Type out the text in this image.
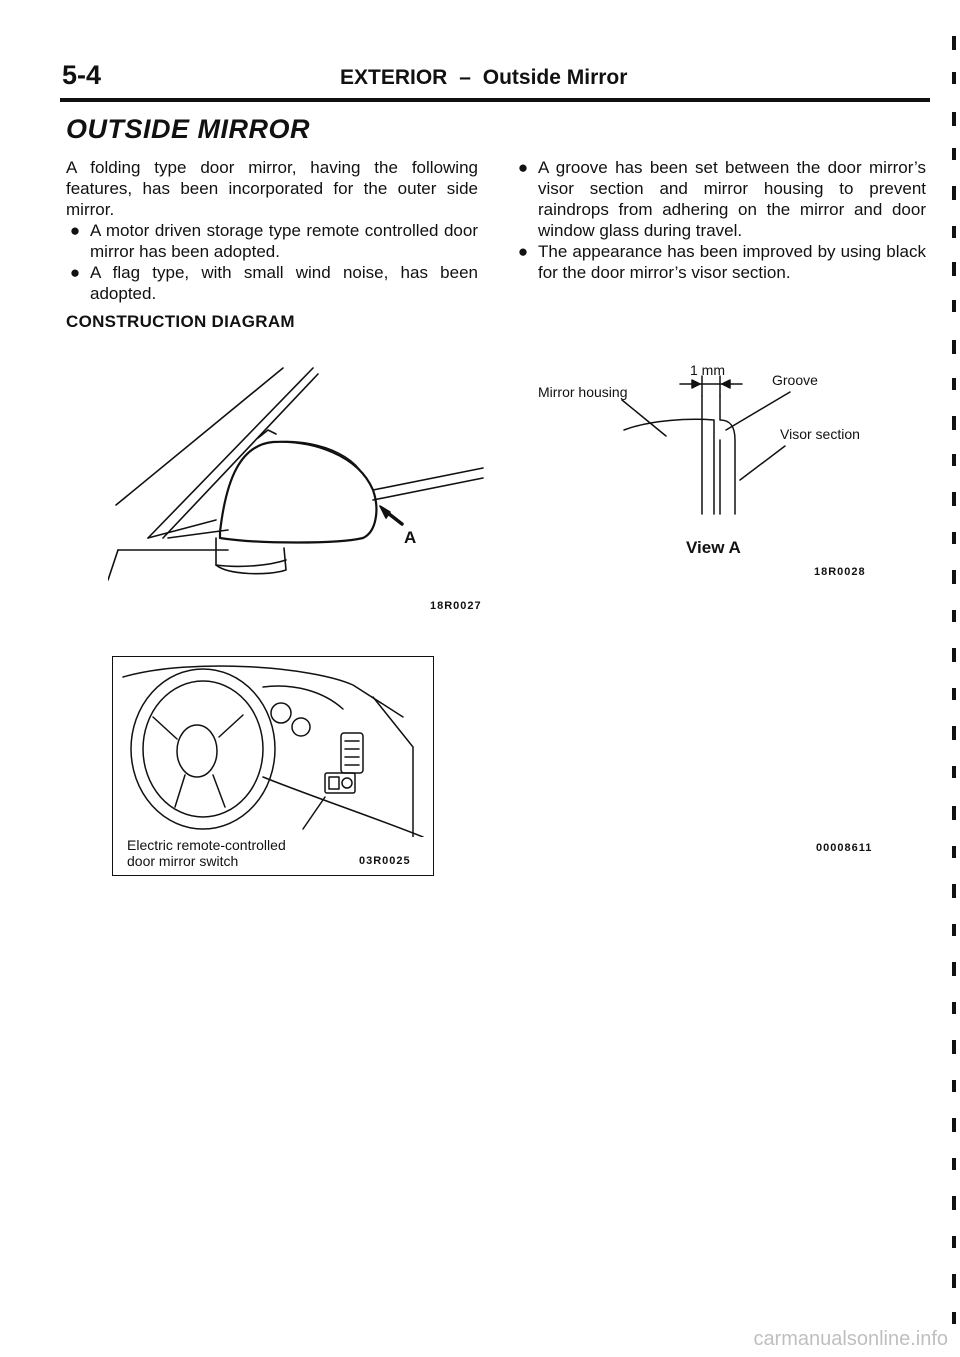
5-4	EXTERIOR – Outside Mirror
OUTSIDE MIRROR
A folding type door mirror, having the following features, has been incorporated for the outer side mirror.
● A motor driven storage type remote controlled door mirror has been adopted.
● A flag type, with small wind noise, has been adopted.
● A groove has been set between the door mirror’s visor section and mirror housing to prevent raindrops from adhering on the mirror and door window glass during travel.
● The appearance has been improved by using black for the door mirror’s visor section.
CONSTRUCTION DIAGRAM
A
18R0027
1 mm
Mirror housing
Groove
Visor section
View A
18R0028
Electric remote-controlled
door mirror switch	03R0025
00008611
carmanualsonline.info
